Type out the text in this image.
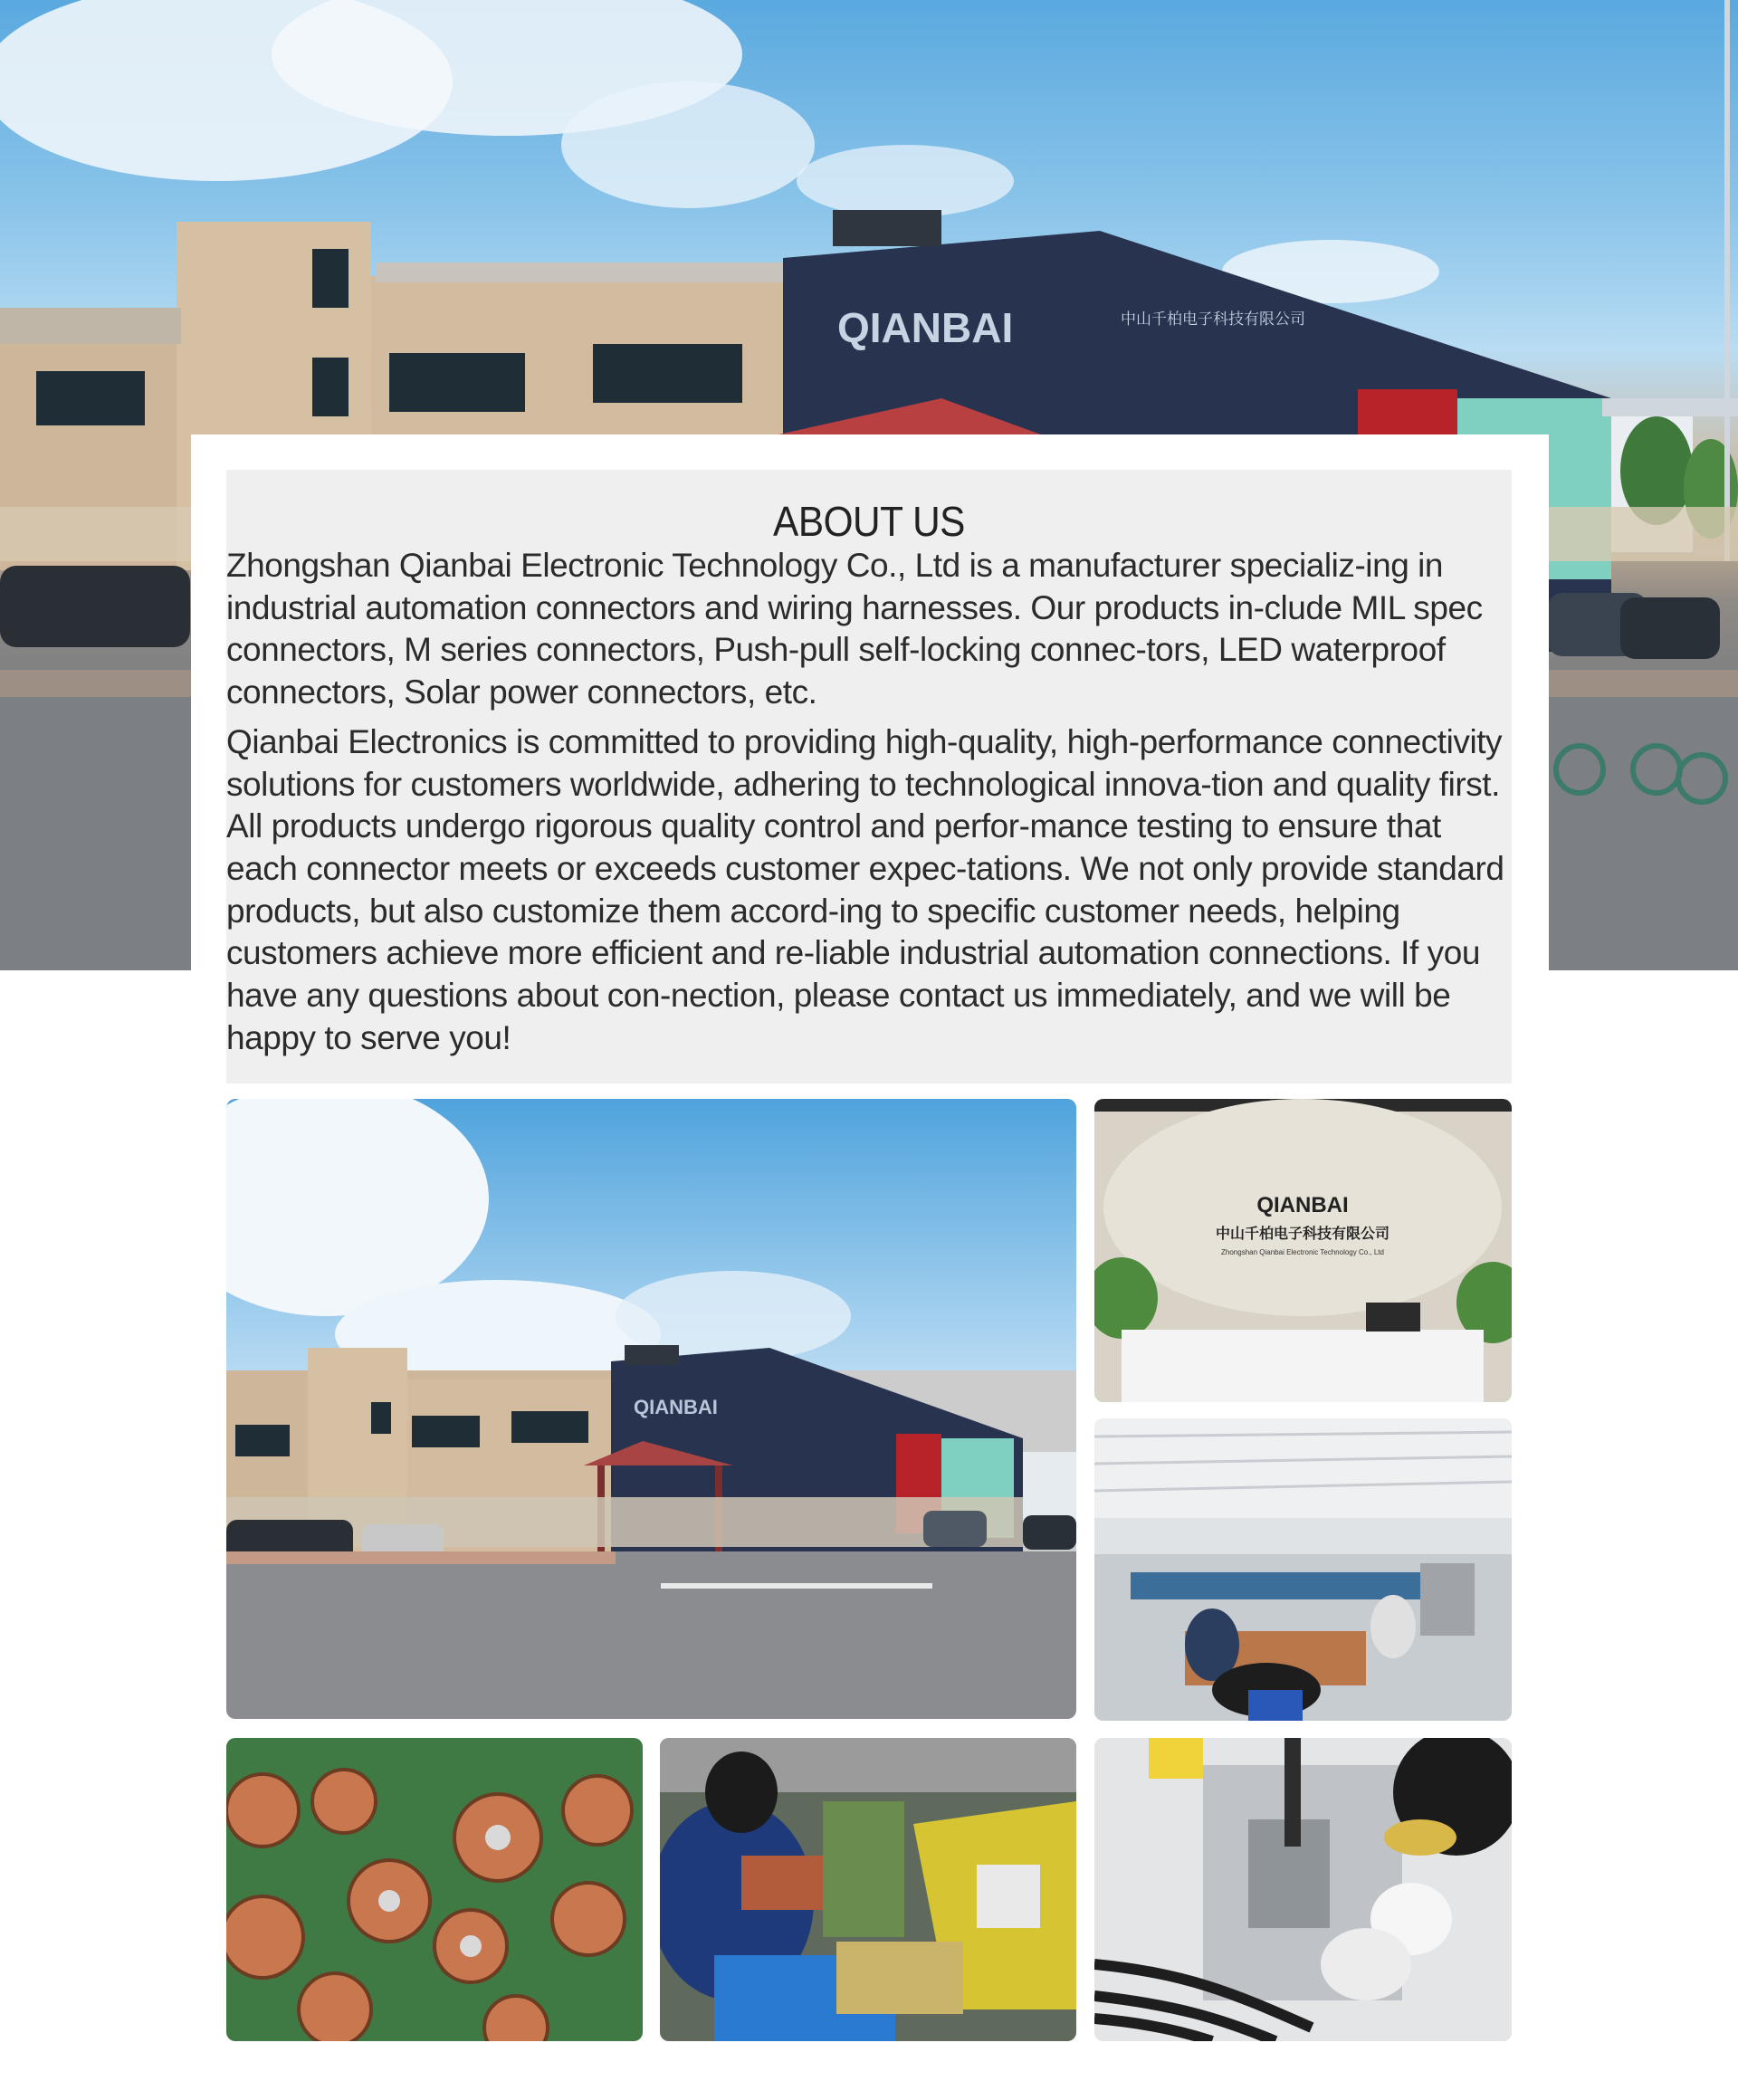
QIANBAI	中山千柏电子科技有限公司
ABOUT US

Zhongshan Qianbai Electronic Technology Co., Ltd is a manufacturer specializ-ing in industrial automation connectors and wiring harnesses. Our products in-clude MIL spec connectors, M series connectors, Push-pull self-locking connec-tors, LED waterproof connectors, Solar power connectors, etc.

Qianbai Electronics is committed to providing high-quality, high-performance connectivity solutions for customers worldwide, adhering to technological innova-tion and quality first. All products undergo rigorous quality control and perfor-mance testing to ensure that each connector meets or exceeds customer expec-tations. We not only provide standard products, but also customize them accord-ing to specific customer needs, helping customers achieve more efficient and re-liable industrial automation connections. If you have any questions about con-nection, please contact us immediately, and we will be happy to serve you!

QIANBAI
QIANBAI
中山千柏电子科技有限公司
Zhongshan Qianbai Electronic Technology Co., Ltd
